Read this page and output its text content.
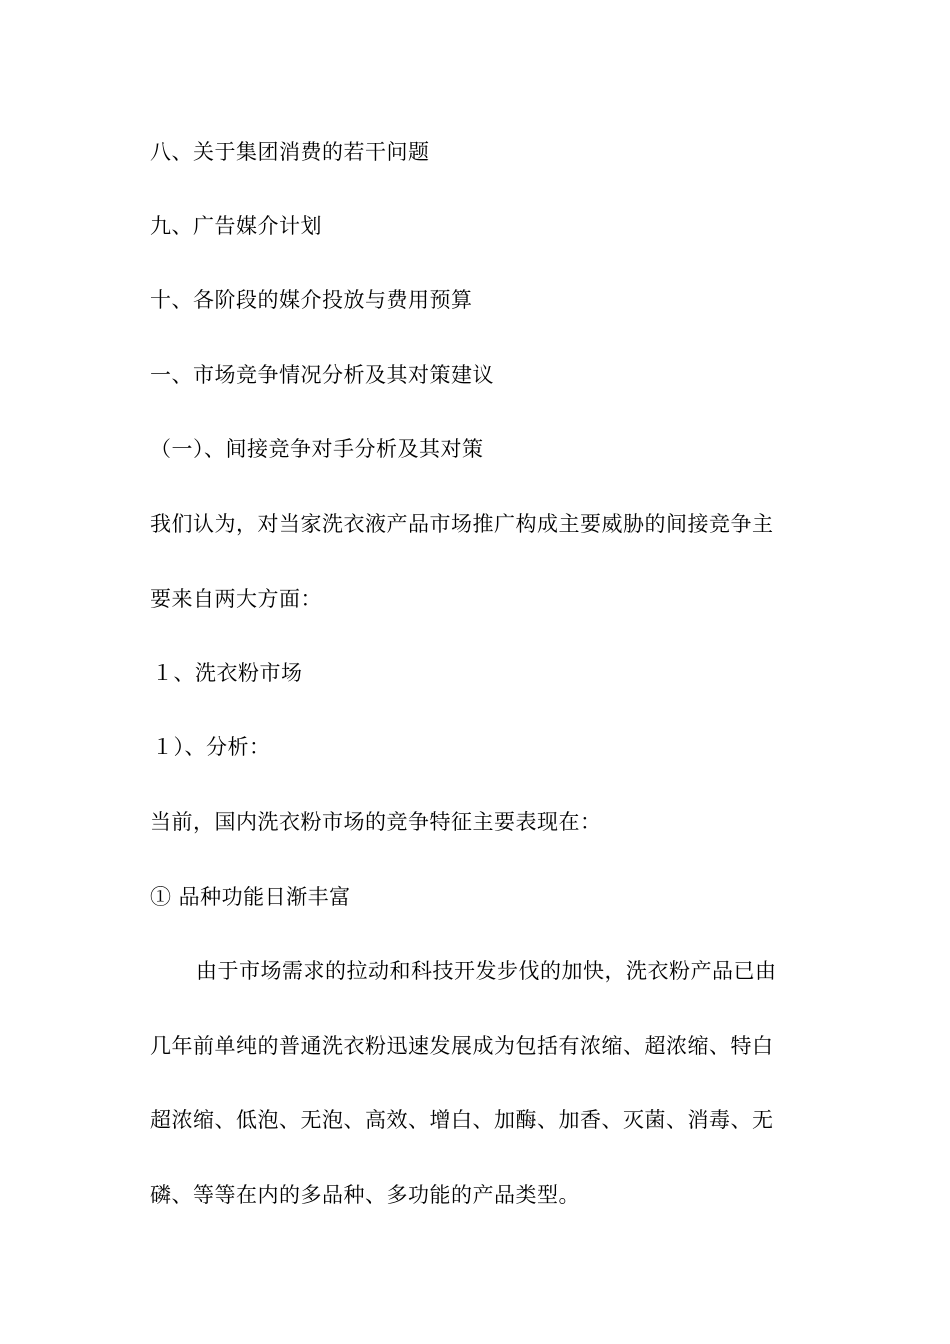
八、关于集团消费的若干问题
九、广告媒介计划
十、各阶段的媒介投放与费用预算
一、市场竞争情况分析及其对策建议
（一）、间接竞争对手分析及其对策
我们认为，对当家洗衣液产品市场推广构成主要威胁的间接竞争主
要来自两大方面：
１、洗衣粉市场
１）、分析：
当前，国内洗衣粉市场的竞争特征主要表现在：
① 品种功能日渐丰富
由于市场需求的拉动和科技开发步伐的加快，洗衣粉产品已由
几年前单纯的普通洗衣粉迅速发展成为包括有浓缩、超浓缩、特白
超浓缩、低泡、无泡、高效、增白、加酶、加香、灭菌、消毒、无
磷、等等在内的多品种、多功能的产品类型。
